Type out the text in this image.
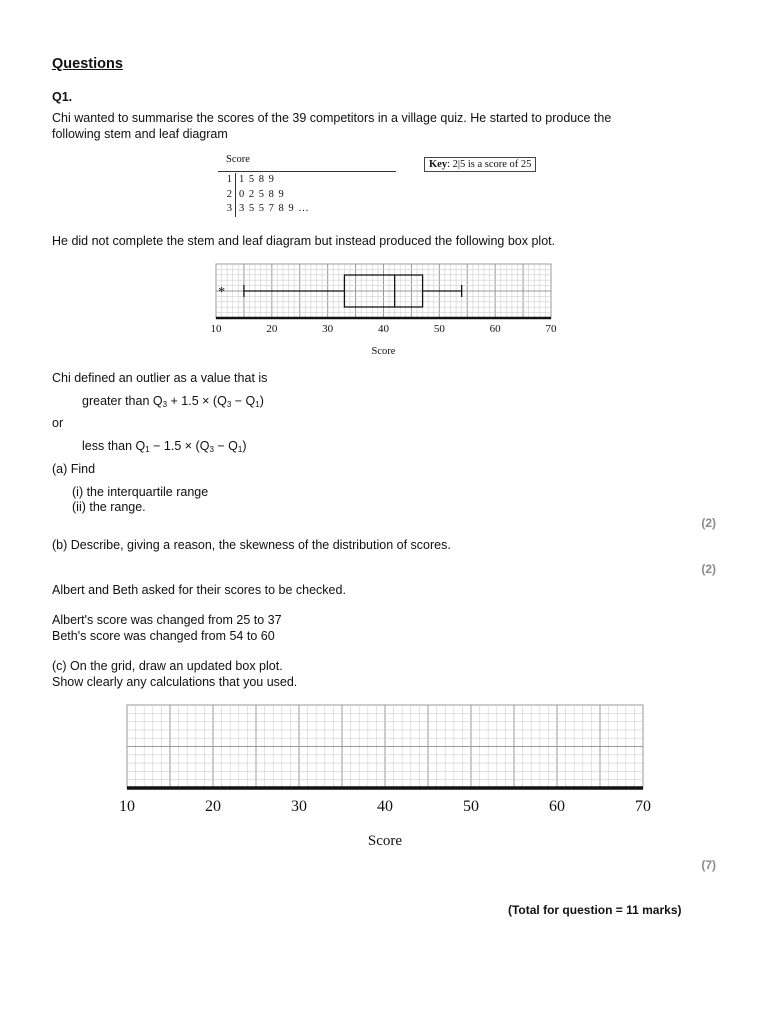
Questions
Q1.
Chi wanted to summarise the scores of the 39 competitors in a village quiz. He started to produce the
following stem and leaf diagram
Score
1 1 5 8 9
2 0 2 5 8 9
3 3 5 5 7 8 9 …
Key: 2|5 is a score of 25
He did not complete the stem and leaf diagram but instead produced the following box plot.
10	20	30	40	50	60	70
Score
*
Chi defined an outlier as a value that is
greater than $Q_3 + 1.5 \times (Q_3 - Q_1)$
or
less than $Q_1 - 1.5 \times (Q_3 - Q_1)$
(a) Find
(i) the interquartile range
(ii) the range.
(2)
(b) Describe, giving a reason, the skewness of the distribution of scores.
(2)
Albert and Beth asked for their scores to be checked.
Albert's score was changed from 25 to 37
Beth's score was changed from 54 to 60
(c) On the grid, draw an updated box plot.
Show clearly any calculations that you used.
10	20	30	40	50	60	70
Score
(7)
(Total for question = 11 marks)
